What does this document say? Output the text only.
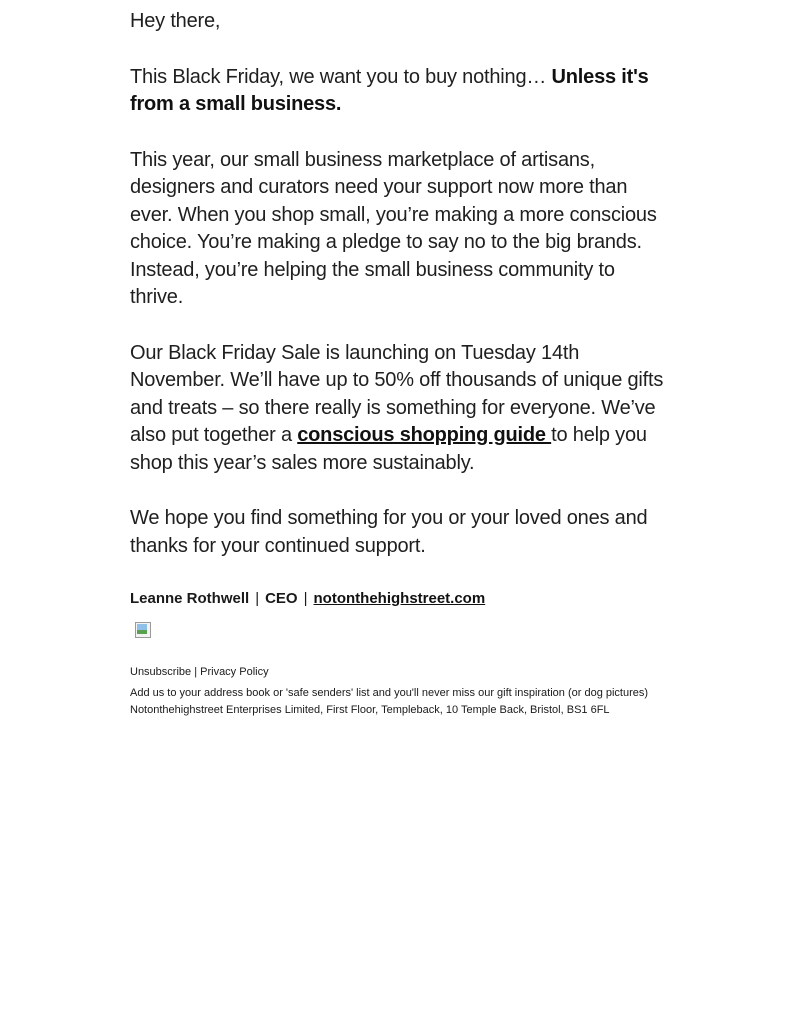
Hey there,

This Black Friday, we want you to buy nothing… Unless it's from a small business.

This year, our small business marketplace of artisans, designers and curators need your support now more than ever. When you shop small, you’re making a more conscious choice. You’re making a pledge to say no to the big brands. Instead, you’re helping the small business community to thrive.

Our Black Friday Sale is launching on Tuesday 14th November. We’ll have up to 50% off thousands of unique gifts and treats – so there really is something for everyone. We’ve also put together a conscious shopping guide to help you shop this year’s sales more sustainably.

We hope you find something for you or your loved ones and thanks for your continued support.

Leanne Rothwell | CEO | notonthehighstreet.com
Unsubscribe | Privacy Policy
Add us to your address book or 'safe senders' list and you'll never miss our gift inspiration (or dog pictures)
Notonthehighstreet Enterprises Limited, First Floor, Templeback, 10 Temple Back, Bristol, BS1 6FL
